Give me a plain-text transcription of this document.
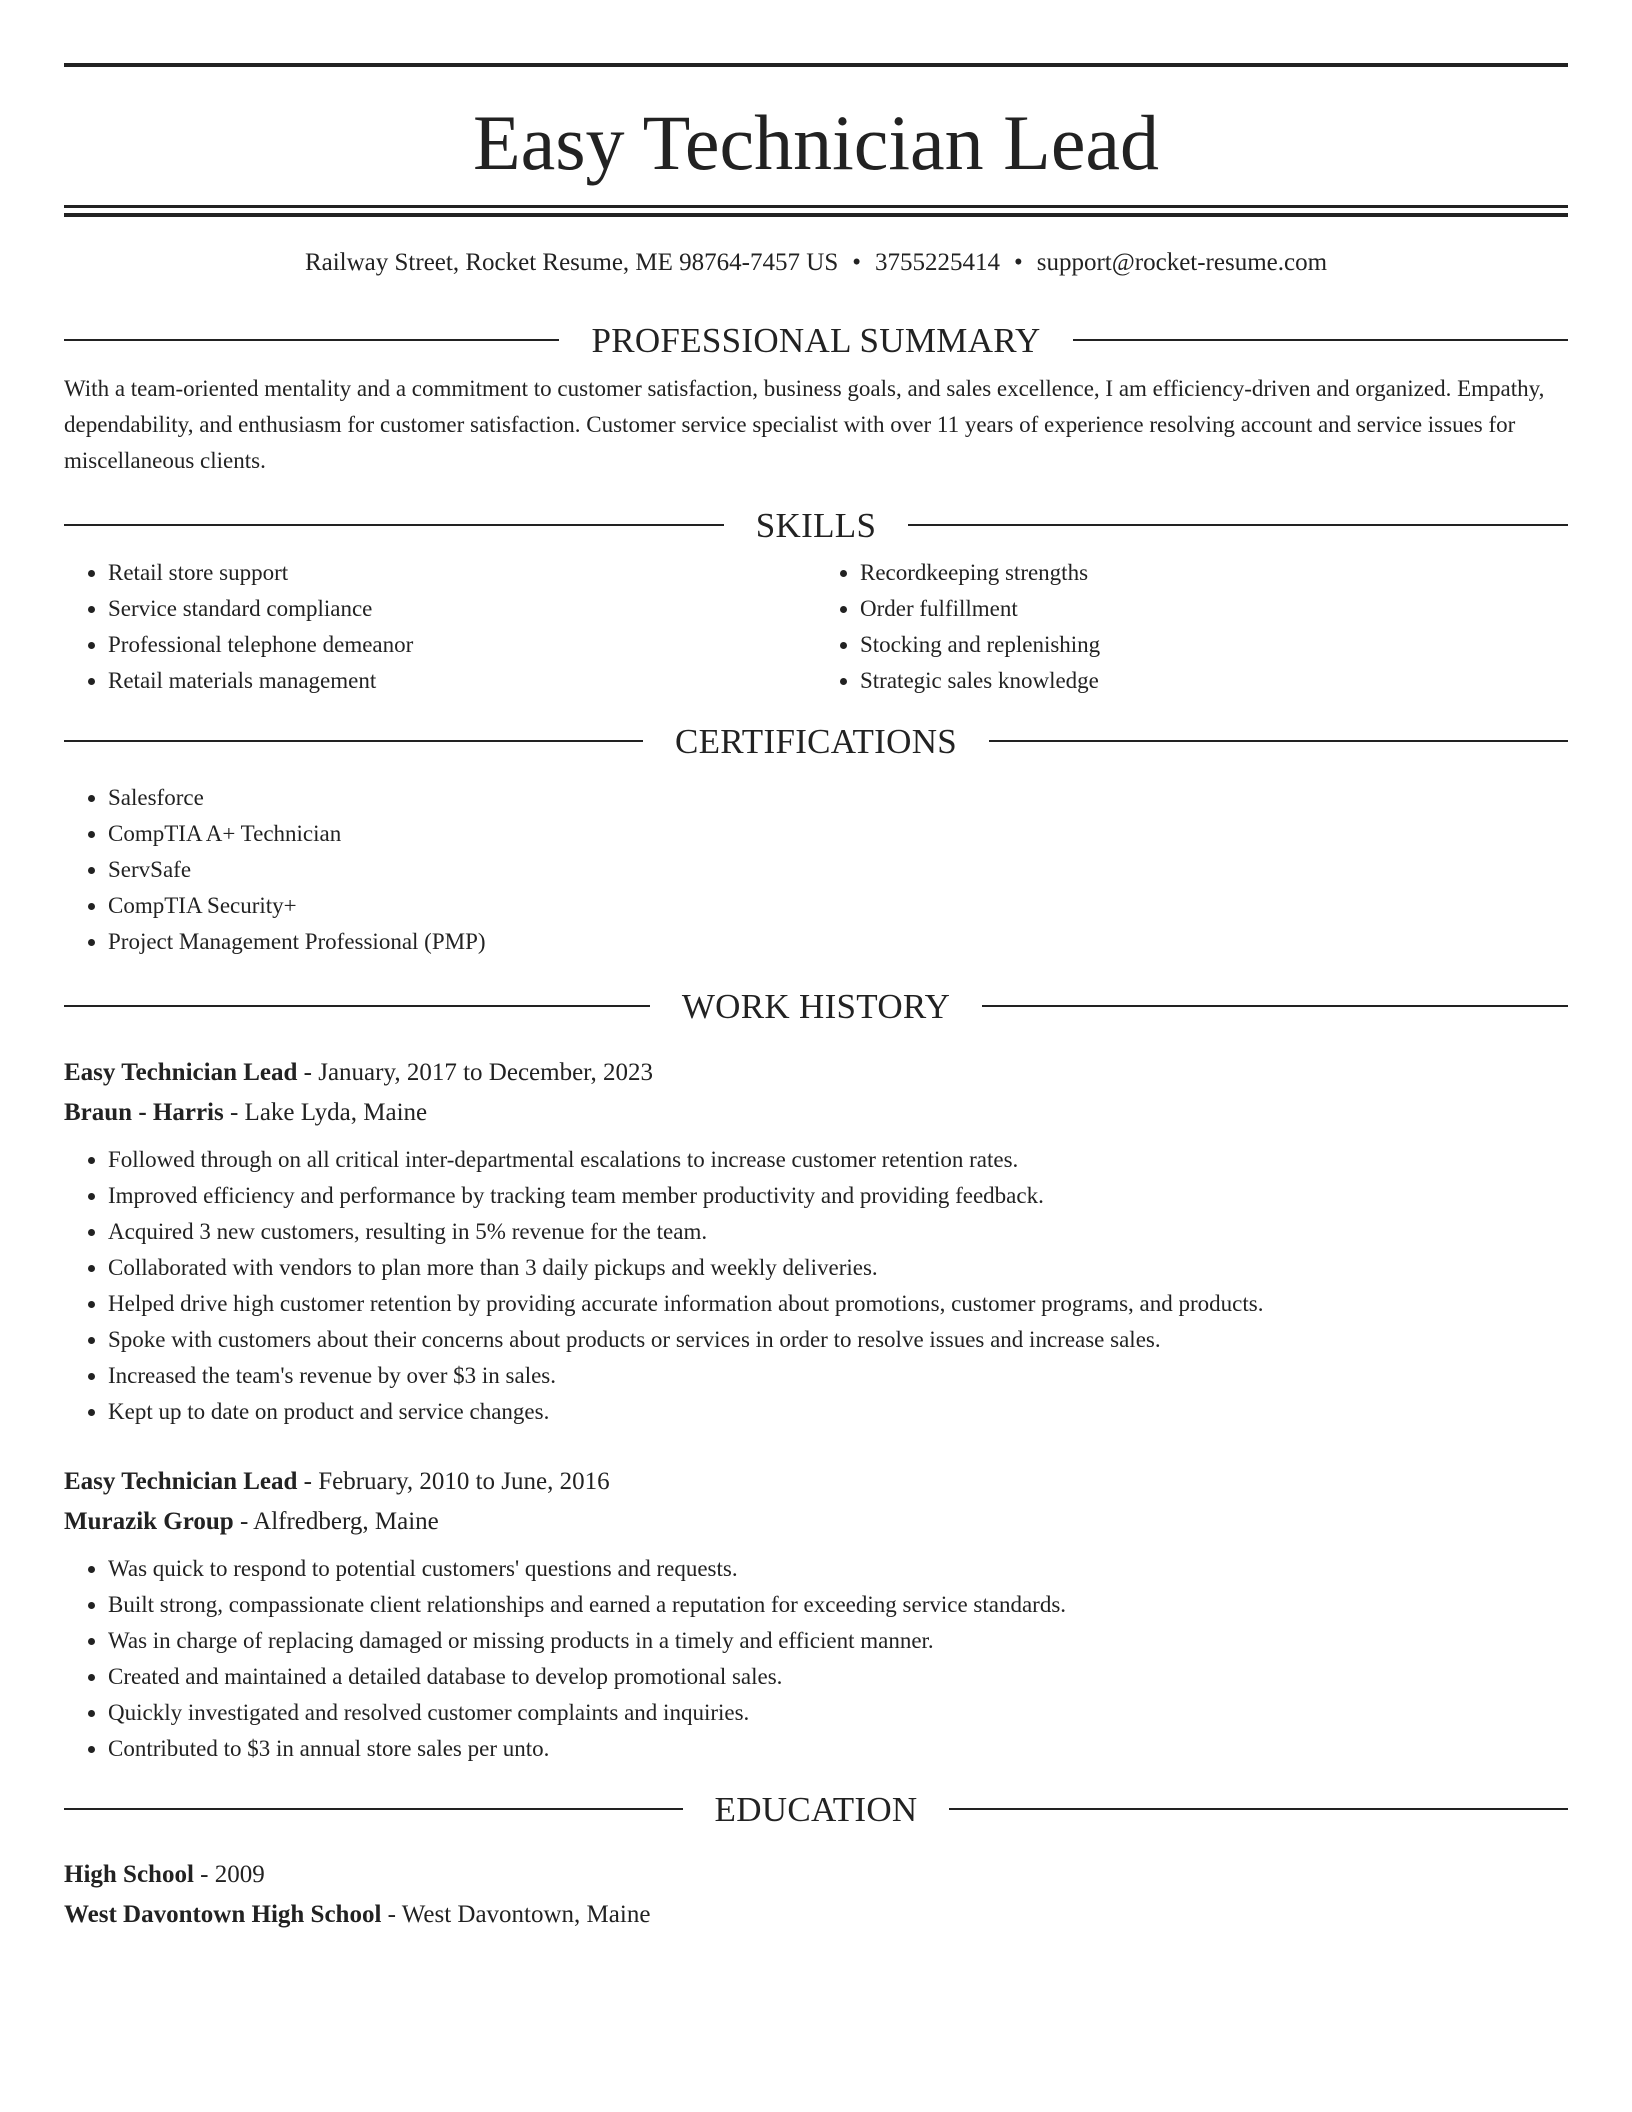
Easy Technician Lead
Railway Street, Rocket Resume, ME 98764-7457 US • 3755225414 • support@rocket-resume.com
PROFESSIONAL SUMMARY

With a team-oriented mentality and a commitment to customer satisfaction, business goals, and sales excellence, I am efficiency-driven and organized. Empathy, dependability, and enthusiasm for customer satisfaction. Customer service specialist with over 11 years of experience resolving account and service issues for miscellaneous clients.

SKILLS
• Retail store support
• Service standard compliance
• Professional telephone demeanor
• Retail materials management
• Recordkeeping strengths
• Order fulfillment
• Stocking and replenishing
• Strategic sales knowledge
CERTIFICATIONS
• Salesforce
• CompTIA A+ Technician
• ServSafe
• CompTIA Security+
• Project Management Professional (PMP)
WORK HISTORY
Easy Technician Lead - January, 2017 to December, 2023
Braun - Harris - Lake Lyda, Maine
• Followed through on all critical inter-departmental escalations to increase customer retention rates.
• Improved efficiency and performance by tracking team member productivity and providing feedback.
• Acquired 3 new customers, resulting in 5% revenue for the team.
• Collaborated with vendors to plan more than 3 daily pickups and weekly deliveries.
• Helped drive high customer retention by providing accurate information about promotions, customer programs, and products.
• Spoke with customers about their concerns about products or services in order to resolve issues and increase sales.
• Increased the team's revenue by over $3 in sales.
• Kept up to date on product and service changes.
Easy Technician Lead - February, 2010 to June, 2016
Murazik Group - Alfredberg, Maine
• Was quick to respond to potential customers' questions and requests.
• Built strong, compassionate client relationships and earned a reputation for exceeding service standards.
• Was in charge of replacing damaged or missing products in a timely and efficient manner.
• Created and maintained a detailed database to develop promotional sales.
• Quickly investigated and resolved customer complaints and inquiries.
• Contributed to $3 in annual store sales per unto.
EDUCATION
High School - 2009
West Davontown High School - West Davontown, Maine
